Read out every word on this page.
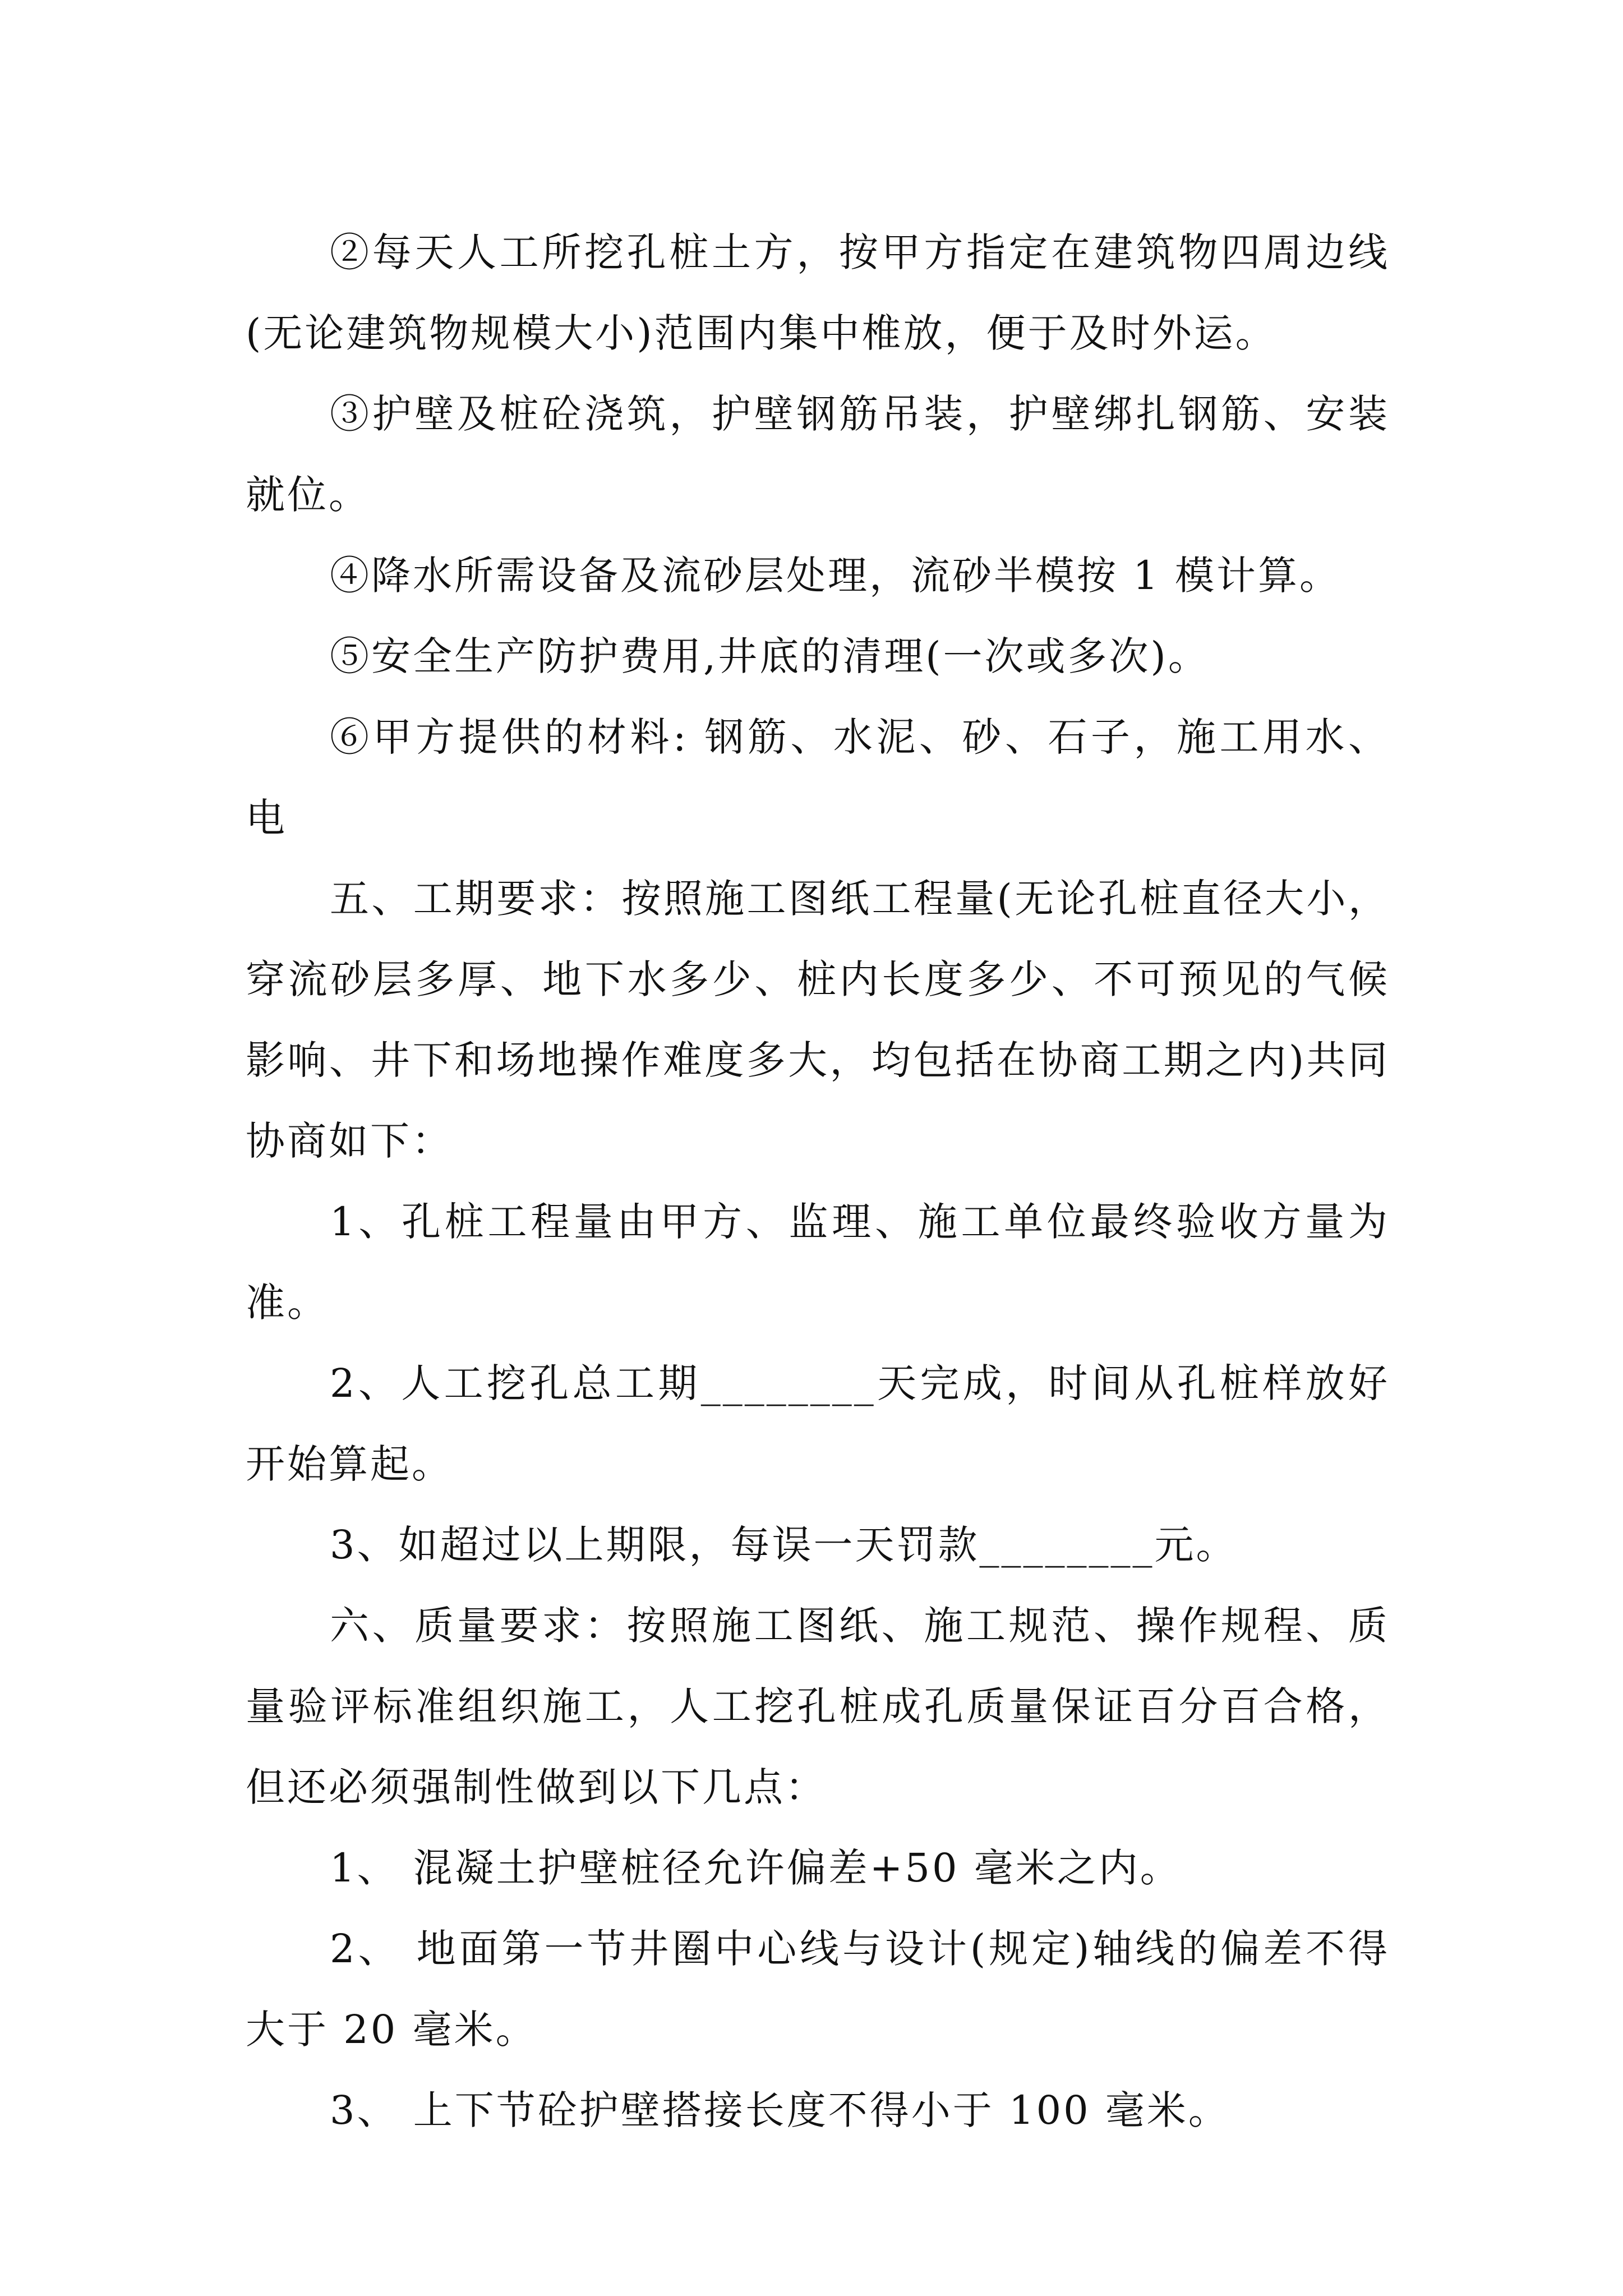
②每天人工所挖孔桩土方，按甲方指定在建筑物四周边线(无论建筑物规模大小)范围内集中椎放，便于及时外运。

③护壁及桩砼浇筑，护壁钢筋吊装，护壁绑扎钢筋、安装就位。

④降水所需设备及流砂层处理，流砂半模按 1 模计算。

⑤安全生产防护费用,井底的清理(一次或多次)。

⑥甲方提供的材料: 钢筋、水泥、砂、石子，施工用水、电

五、工期要求：按照施工图纸工程量(无论孔桩直径大小，穿流砂层多厚、地下水多少、桩内长度多少、不可预见的气候影响、井下和场地操作难度多大，均包括在协商工期之内)共同协商如下：

1、孔桩工程量由甲方、监理、施工单位最终验收方量为准。

2、人工挖孔总工期________天完成，时间从孔桩样放好开始算起。

3、如超过以上期限，每误一天罚款________元。

六、质量要求：按照施工图纸、施工规范、操作规程、质量验评标准组织施工，人工挖孔桩成孔质量保证百分百合格，但还必须强制性做到以下几点：

1、 混凝土护壁桩径允许偏差+50 毫米之内。

2、 地面第一节井圈中心线与设计(规定)轴线的偏差不得大于 20 毫米。

3、 上下节砼护壁搭接长度不得小于 100 毫米。
